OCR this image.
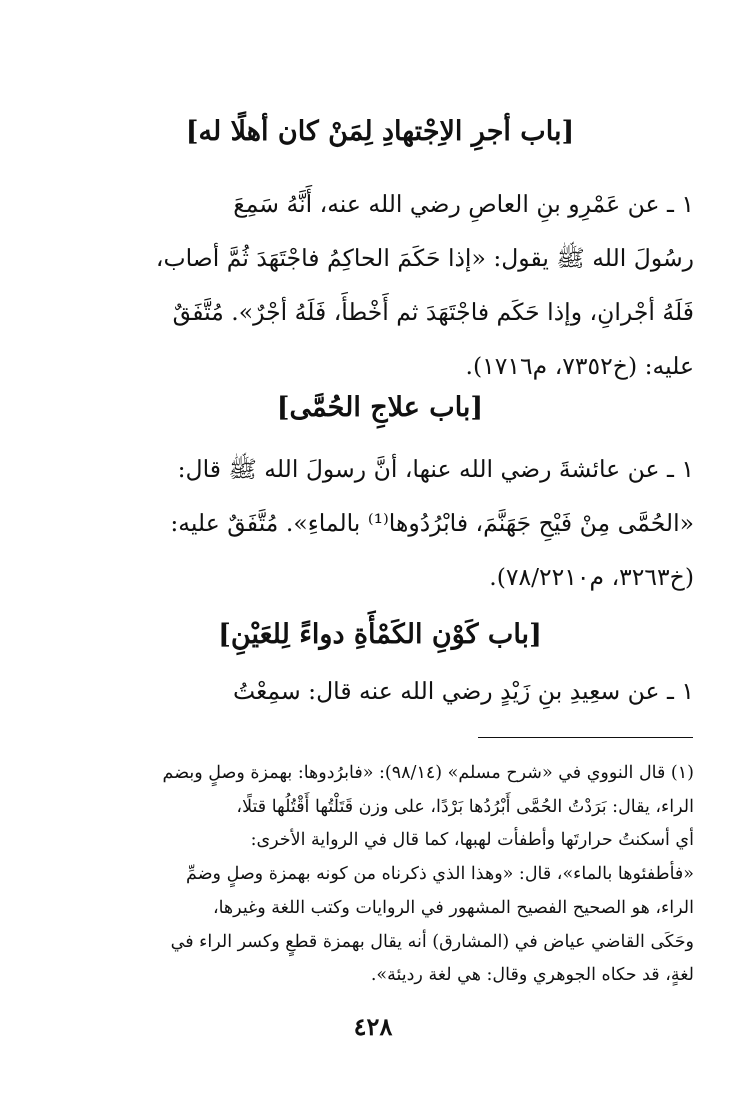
[باب أجرِ الاِجْتهادِ لِمَنْ كان أهلًا له]
١ ـ عن عَمْرِو بنِ العاصِ رضي الله عنه، أَنَّهُ سَمِعَ
رسُولَ الله ﷺ يقول: «إذا حَكَمَ الحاكِمُ فاجْتَهَدَ ثُمَّ أصاب،
فَلَهُ أجْرانِ، وإذا حَكَم فاجْتَهَدَ ثم أَخْطأَ، فَلَهُ أجْرٌ». مُتَّفَقٌ
عليه: (خ٧٣٥٢، م١٧١٦).
[باب علاجِ الحُمَّى]
١ ـ عن عائشةَ رضي الله عنها، أنَّ رسولَ الله ﷺ قال:
«الحُمَّى مِنْ فَيْحِ جَهَنَّمَ، فابْرُدُوها⁽¹⁾ بالماءِ». مُتَّفَقٌ عليه:
(خ٣٢٦٣، م٧٨/٢٢١٠).
[باب كَوْنِ الكَمْأَةِ دواءً لِلعَيْنِ]
١ ـ عن سعِيدِ بنِ زَيْدٍ رضي الله عنه قال: سمِعْتُ
(١) قال النووي في «شرح مسلم» (٩٨/١٤): «فابرُدوها: بهمزة وصلٍ وبضم
الراء، يقال: بَرَدْتُ الحُمَّى أَبْرُدُها بَرْدًا، على وزن قَتَلْتُها أَقْتُلُها قتلًا،
أي أسكنتُ حرارتَها وأطفأت لهبها، كما قال في الرواية الأخرى:
«فأطفئوها بالماء»، قال: «وهذا الذي ذكرناه من كونه بهمزة وصلٍ وضمِّ
الراء، هو الصحيح الفصيح المشهور في الروايات وكتب اللغة وغيرها،
وحَكَى القاضي عياض في (المشارق) أنه يقال بهمزة قطعٍ وكسر الراء في
لغةٍ، قد حكاه الجوهري وقال: هي لغة رديئة».
٤٢٨
